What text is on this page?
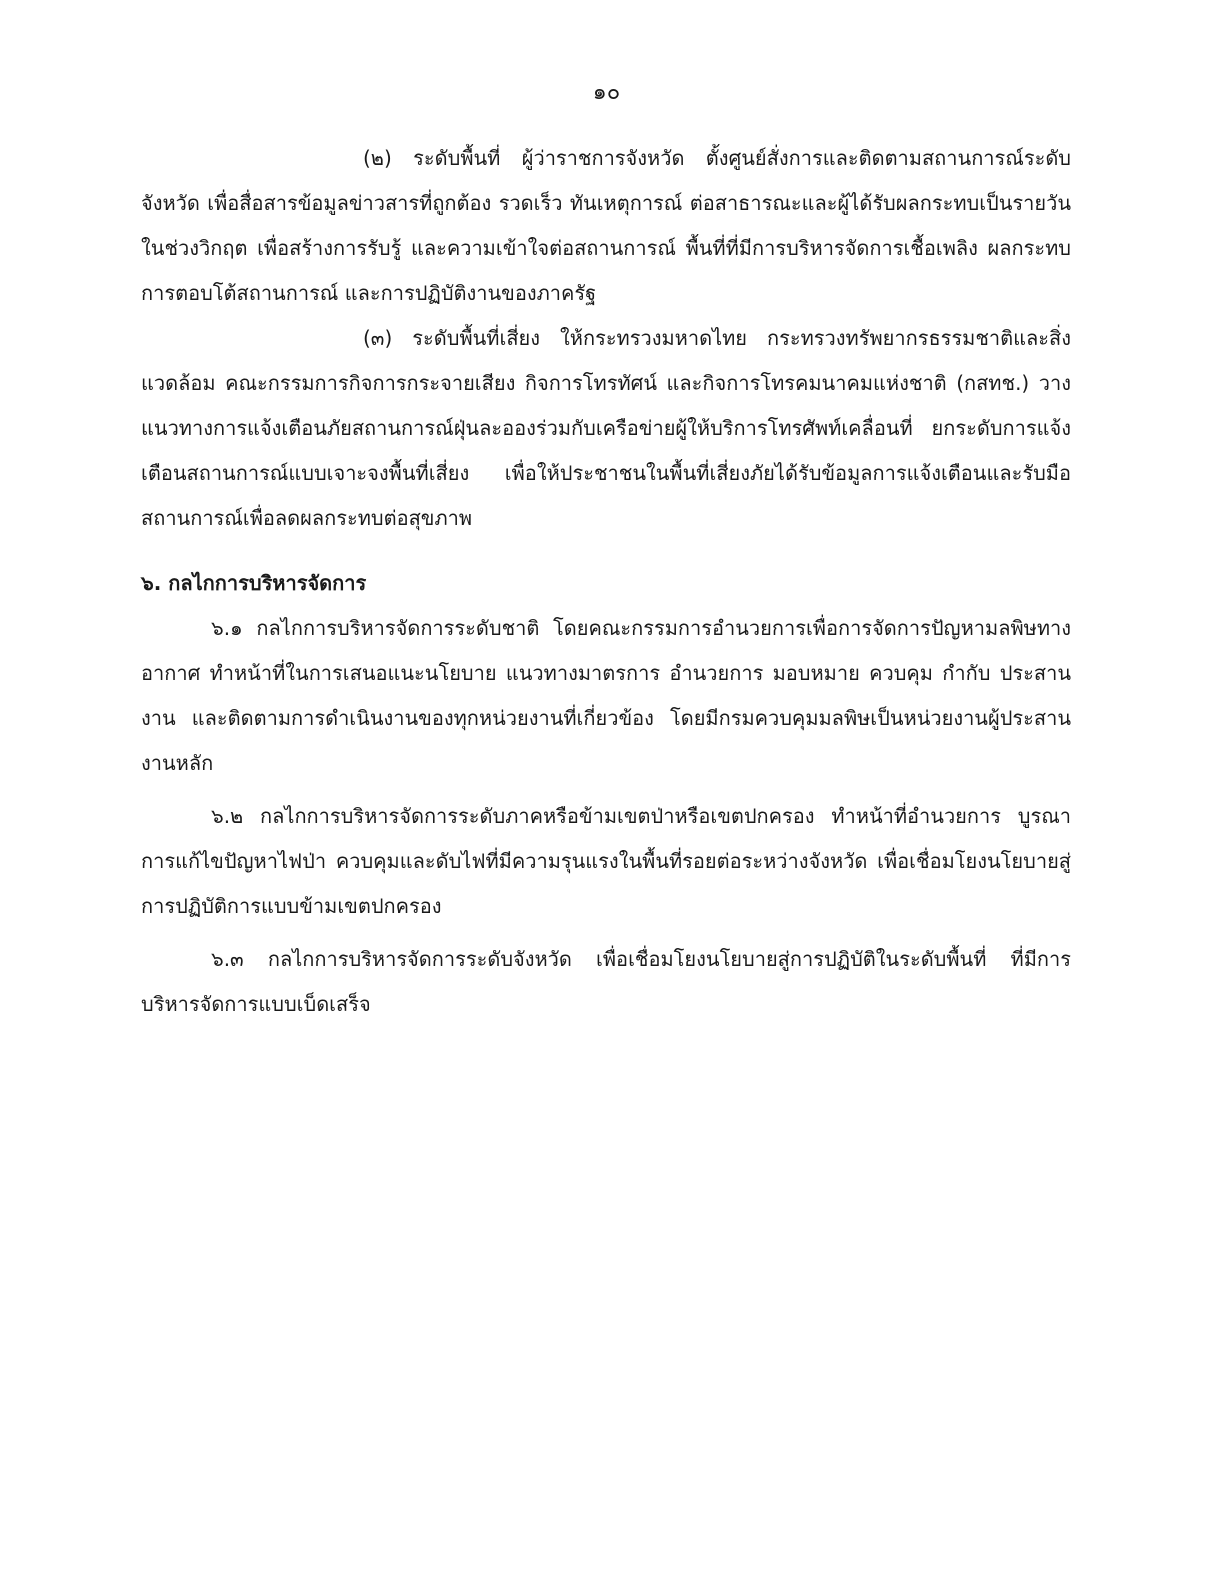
๑๐

(๒) ระดับพื้นที่ ผู้ว่าราชการจังหวัด ตั้งศูนย์สั่งการและติดตามสถานการณ์ระดับจังหวัด เพื่อสื่อสารข้อมูลข่าวสารที่ถูกต้อง รวดเร็ว ทันเหตุการณ์ ต่อสาธารณะและผู้ได้รับผลกระทบเป็นรายวันในช่วงวิกฤต เพื่อสร้างการรับรู้ และความเข้าใจต่อสถานการณ์ พื้นที่ที่มีการบริหารจัดการเชื้อเพลิง ผลกระทบ การตอบโต้สถานการณ์ และการปฏิบัติงานของภาครัฐ

(๓) ระดับพื้นที่เสี่ยง ให้กระทรวงมหาดไทย กระทรวงทรัพยากรธรรมชาติและสิ่งแวดล้อม คณะกรรมการกิจการกระจายเสียง กิจการโทรทัศน์ และกิจการโทรคมนาคมแห่งชาติ (กสทช.) วางแนวทางการแจ้งเตือนภัยสถานการณ์ฝุ่นละอองร่วมกับเครือข่ายผู้ให้บริการโทรศัพท์เคลื่อนที่ ยกระดับการแจ้งเตือนสถานการณ์แบบเจาะจงพื้นที่เสี่ยง เพื่อให้ประชาชนในพื้นที่เสี่ยงภัยได้รับข้อมูลการแจ้งเตือนและรับมือสถานการณ์เพื่อลดผลกระทบต่อสุขภาพ

๖. กลไกการบริหารจัดการ

๖.๑ กลไกการบริหารจัดการระดับชาติ โดยคณะกรรมการอำนวยการเพื่อการจัดการปัญหามลพิษทางอากาศ ทำหน้าที่ในการเสนอแนะนโยบาย แนวทางมาตรการ อำนวยการ มอบหมาย ควบคุม กำกับ ประสานงาน และติดตามการดำเนินงานของทุกหน่วยงานที่เกี่ยวข้อง โดยมีกรมควบคุมมลพิษเป็นหน่วยงานผู้ประสานงานหลัก

๖.๒ กลไกการบริหารจัดการระดับภาคหรือข้ามเขตป่าหรือเขตปกครอง ทำหน้าที่อำนวยการ บูรณาการแก้ไขปัญหาไฟป่า ควบคุมและดับไฟที่มีความรุนแรงในพื้นที่รอยต่อระหว่างจังหวัด เพื่อเชื่อมโยงนโยบายสู่การปฏิบัติการแบบข้ามเขตปกครอง

๖.๓ กลไกการบริหารจัดการระดับจังหวัด เพื่อเชื่อมโยงนโยบายสู่การปฏิบัติในระดับพื้นที่ ที่มีการบริหารจัดการแบบเบ็ดเสร็จ
